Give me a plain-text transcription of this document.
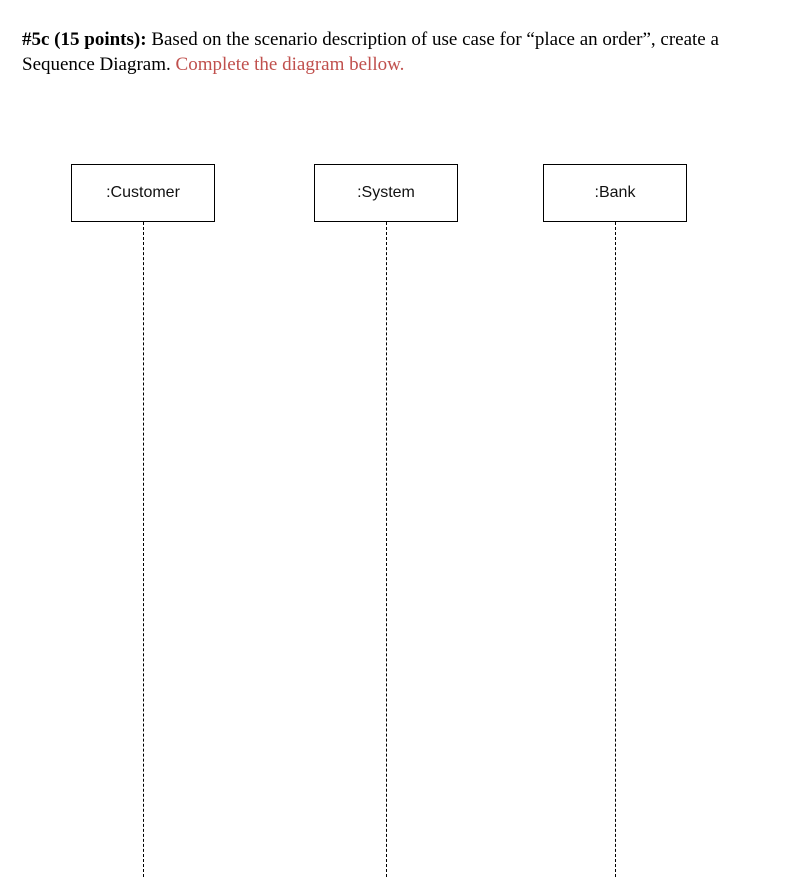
#5c (15 points): Based on the scenario description of use case for “place an order”, create a Sequence Diagram. Complete the diagram bellow.
:Customer	:System	:Bank
